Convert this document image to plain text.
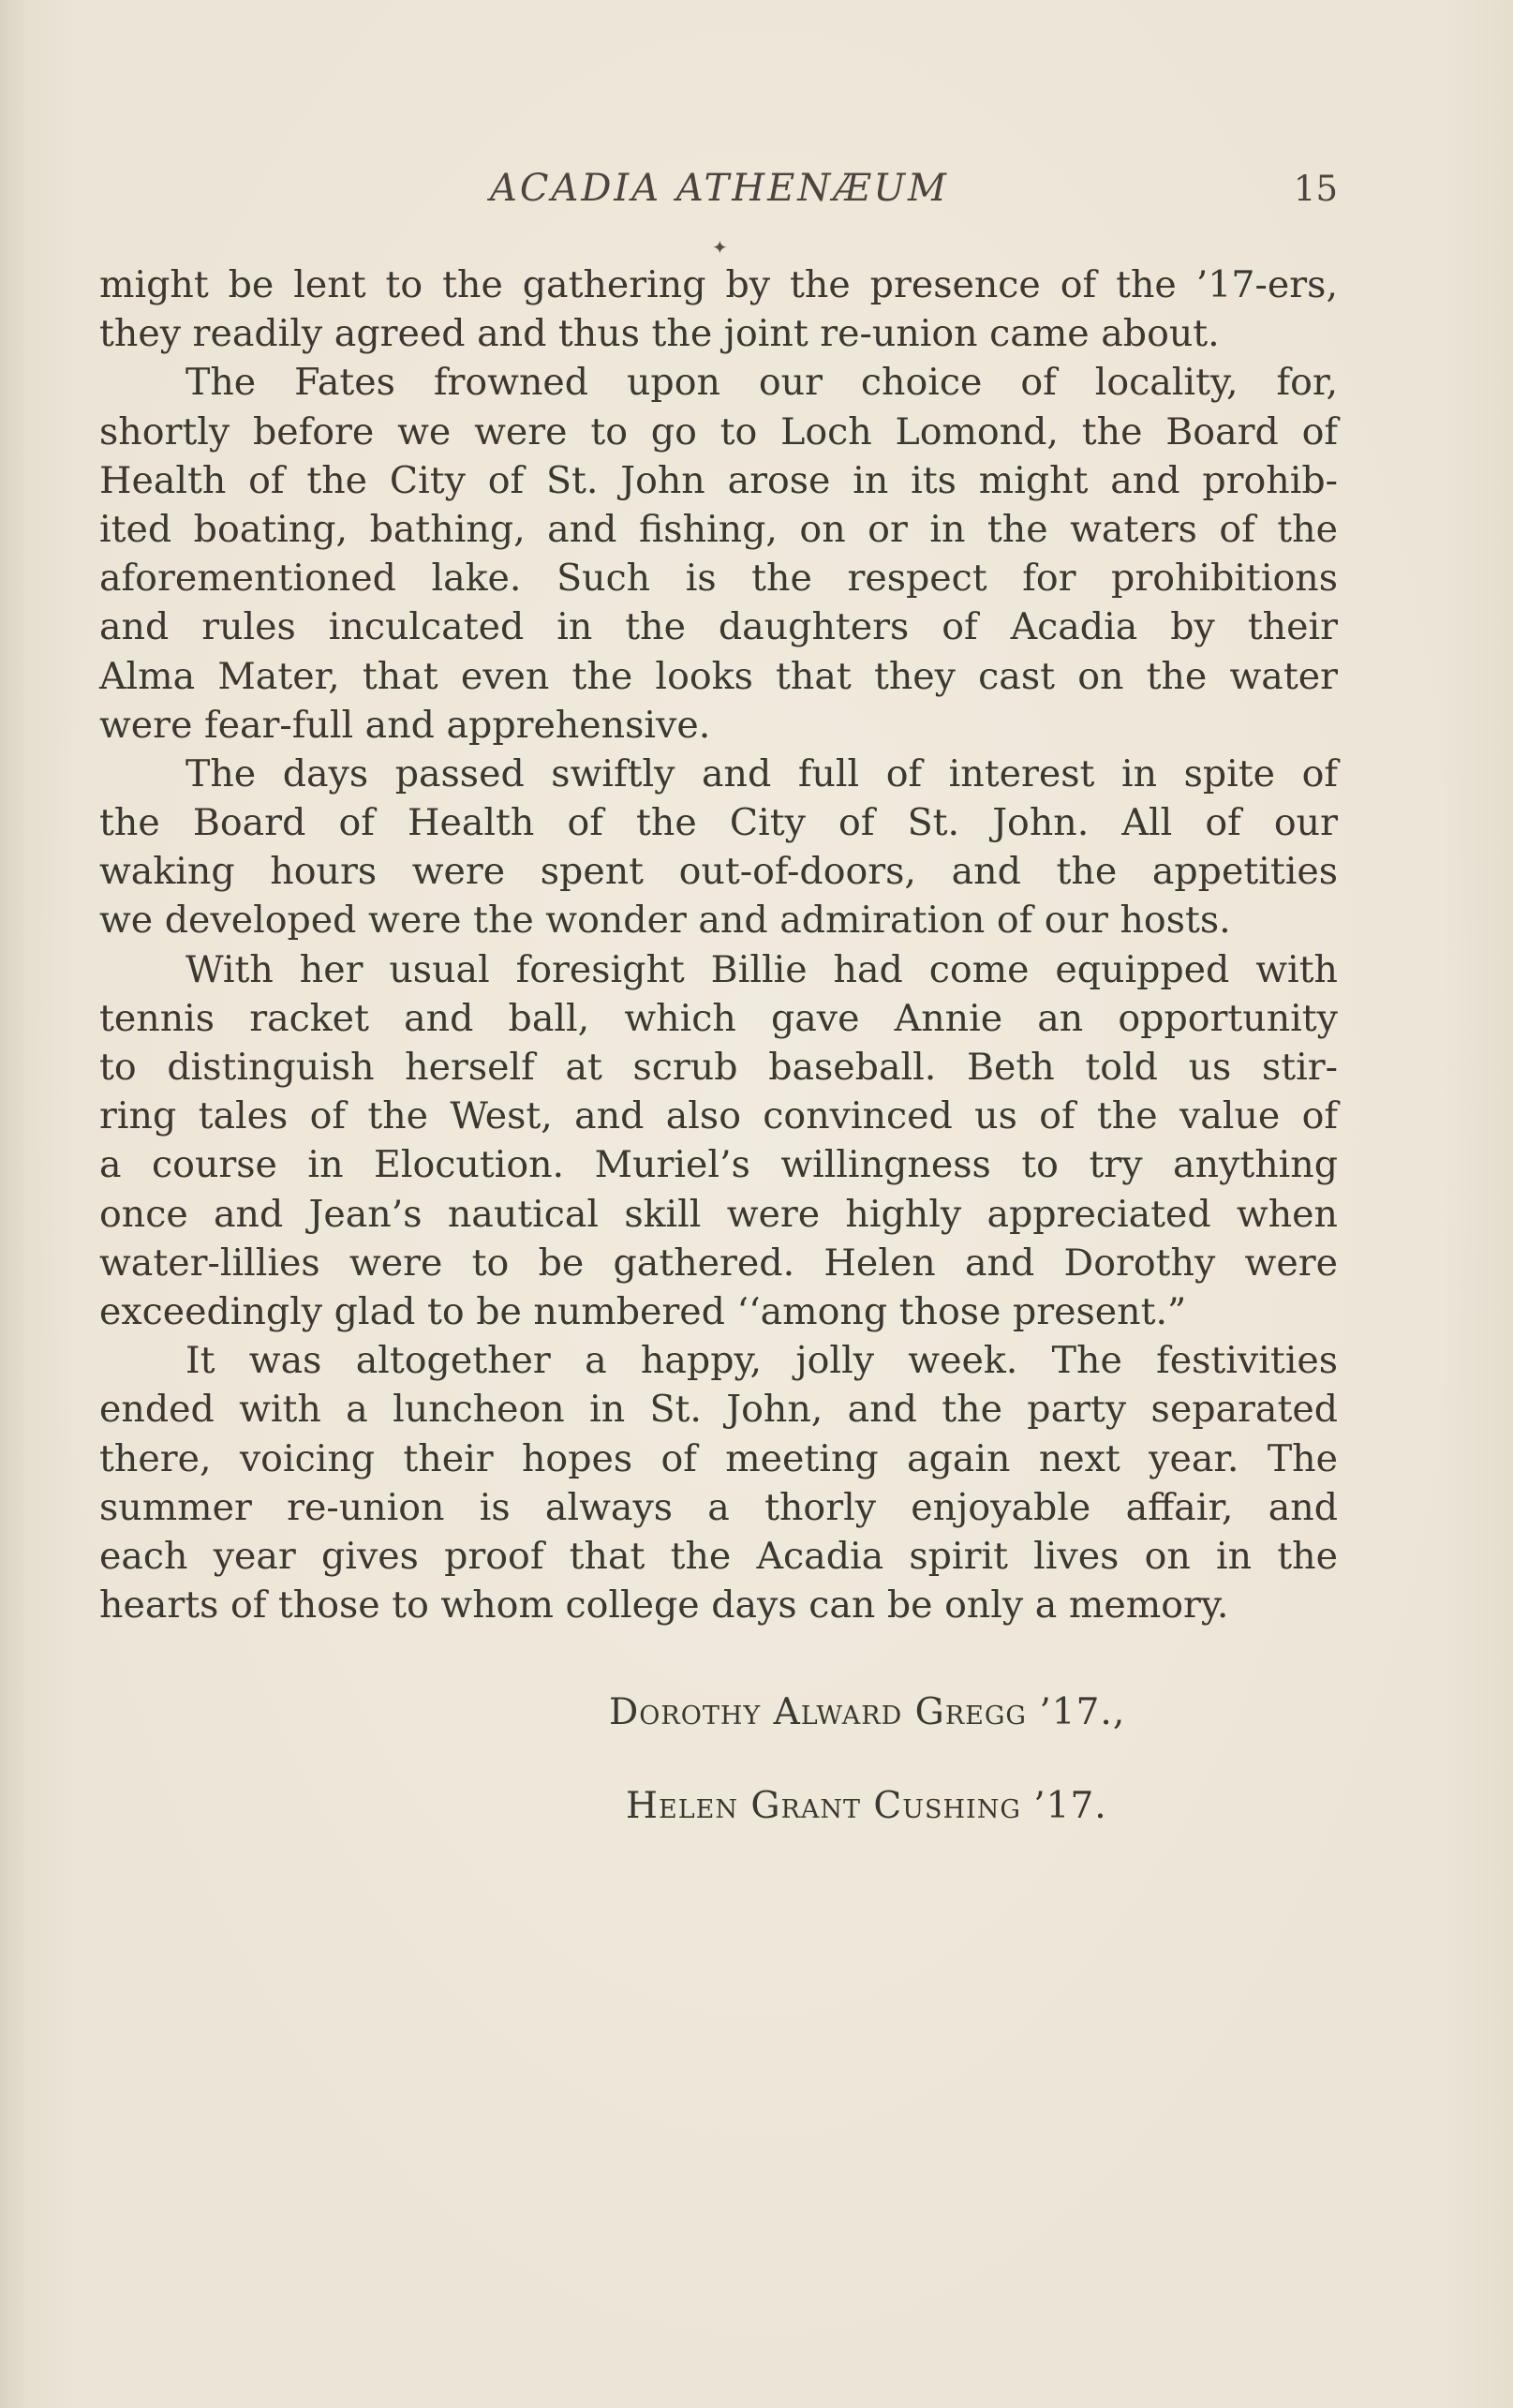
ACADIA ATHENÆUM	15
✦
might be lent to the gathering by the presence of the ’17-ers,
they readily agreed and thus the joint re-union came about.
The Fates frowned upon our choice of locality, for,
shortly before we were to go to Loch Lomond, the Board of
Health of the City of St. John arose in its might and prohib-
ited boating, bathing, and fishing, on or in the waters of the
aforementioned lake. Such is the respect for prohibitions
and rules inculcated in the daughters of Acadia by their
Alma Mater, that even the looks that they cast on the water
were fear-full and apprehensive.
The days passed swiftly and full of interest in spite of
the Board of Health of the City of St. John. All of our
waking hours were spent out-of-doors, and the appetities
we developed were the wonder and admiration of our hosts.
With her usual foresight Billie had come equipped with
tennis racket and ball, which gave Annie an opportunity
to distinguish herself at scrub baseball. Beth told us stir-
ring tales of the West, and also convinced us of the value of
a course in Elocution. Muriel’s willingness to try anything
once and Jean’s nautical skill were highly appreciated when
water-lillies were to be gathered. Helen and Dorothy were
exceedingly glad to be numbered ‘‘among those present.”
It was altogether a happy, jolly week. The festivities
ended with a luncheon in St. John, and the party separated
there, voicing their hopes of meeting again next year. The
summer re-union is always a thorly enjoyable affair, and
each year gives proof that the Acadia spirit lives on in the
hearts of those to whom college days can be only a memory.
Dorothy Alward Gregg ’17.,
Helen Grant Cushing ’17.
